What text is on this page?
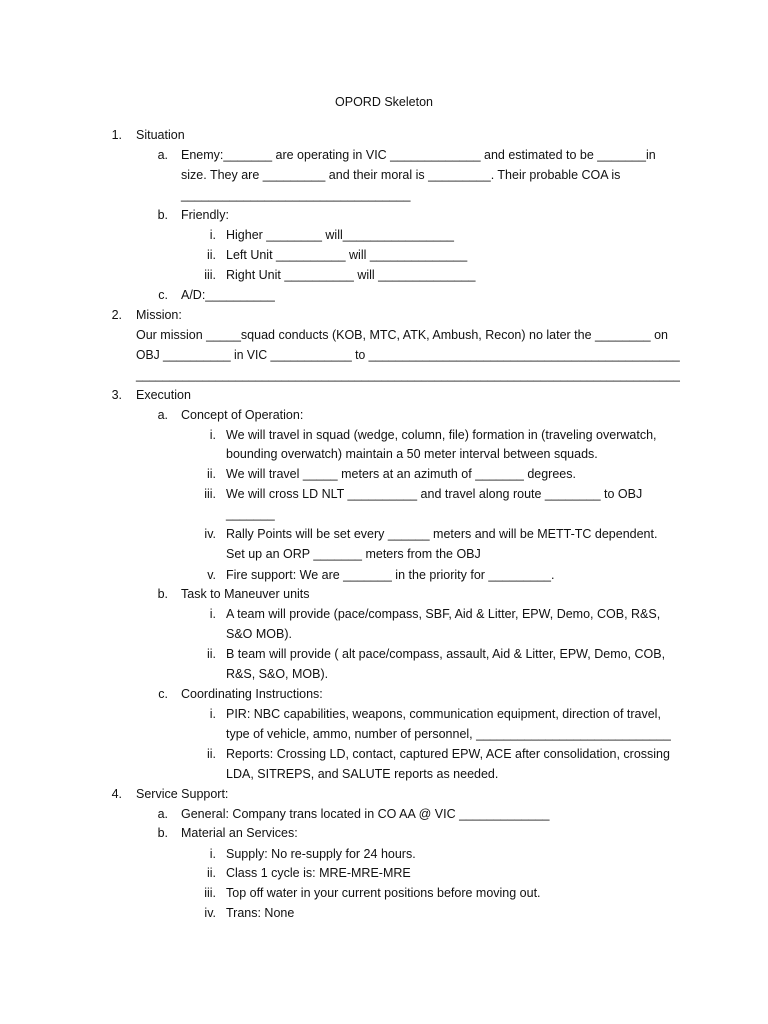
OPORD Skeleton
1. Situation
a. Enemy:_______ are operating in VIC _____________ and estimated to be _______in
size. They are _________ and their moral is _________. Their probable COA is
_________________________________
b. Friendly:
i. Higher ________ will________________
ii. Left Unit __________ will ______________
iii. Right Unit __________ will ______________
c. A/D:__________
2. Mission:
Our mission _____squad conducts (KOB, MTC, ATK, Ambush, Recon) no later the ________ on
OBJ __________ in VIC ____________ to ______________________________________________
__________________________________________________________________________________
3. Execution
a. Concept of Operation:
i. We will travel in squad (wedge, column, file) formation in (traveling overwatch,
bounding overwatch) maintain a 50 meter interval between squads.
ii. We will travel _____ meters at an azimuth of _______ degrees.
iii. We will cross LD NLT __________ and travel along route ________ to OBJ
_______
iv. Rally Points will be set every ______ meters and will be METT-TC dependent.
Set up an ORP _______ meters from the OBJ
v. Fire support: We are _______ in the priority for _________.
b. Task to Maneuver units
i. A team will provide (pace/compass, SBF, Aid & Litter, EPW, Demo, COB, R&S,
S&O MOB).
ii. B team will provide ( alt pace/compass, assault, Aid & Litter, EPW, Demo, COB,
R&S, S&O, MOB).
c. Coordinating Instructions:
i. PIR: NBC capabilities, weapons, communication equipment, direction of travel,
type of vehicle, ammo, number of personnel, ____________________________
ii. Reports: Crossing LD, contact, captured EPW, ACE after consolidation, crossing
LDA, SITREPS, and SALUTE reports as needed.
4. Service Support:
a. General: Company trans located in CO AA @ VIC _____________
b. Material an Services:
i. Supply: No re-supply for 24 hours.
ii. Class 1 cycle is: MRE-MRE-MRE
iii. Top off water in your current positions before moving out.
iv. Trans: None
